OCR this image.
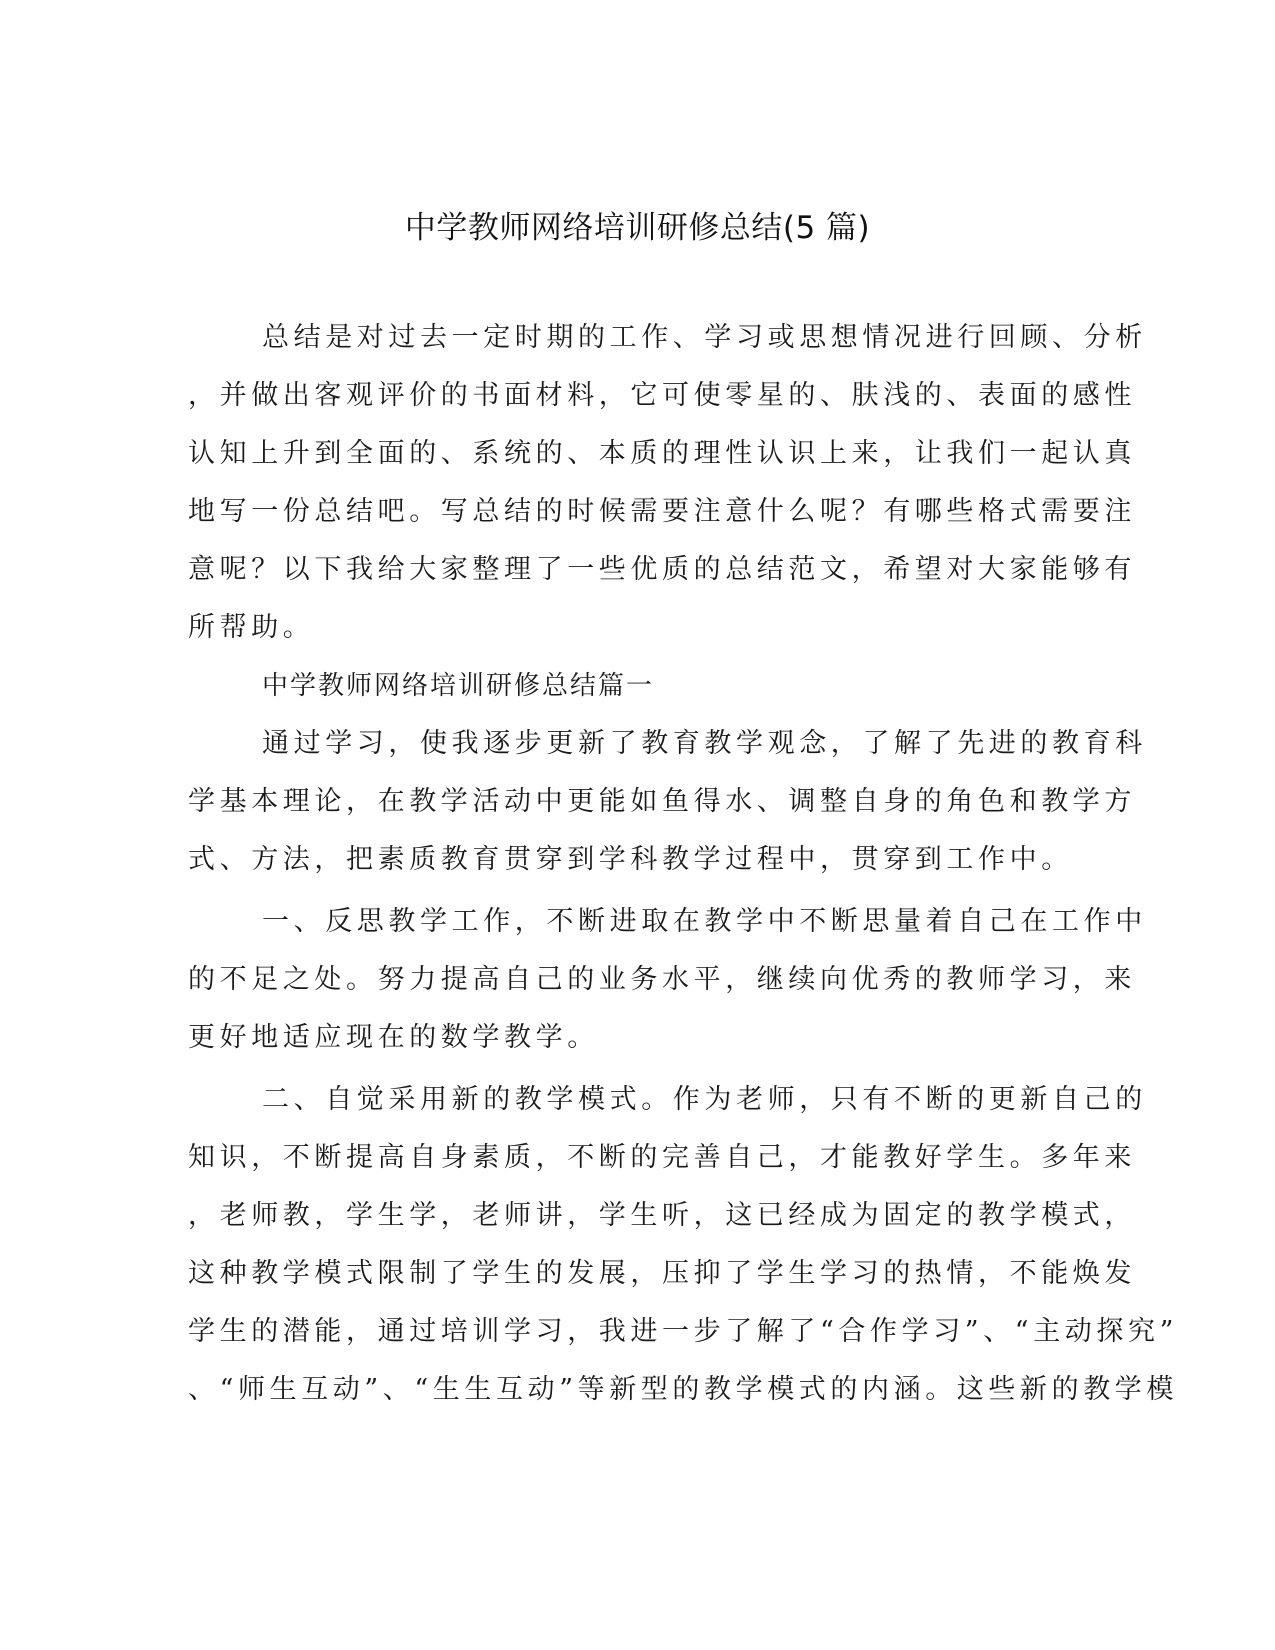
中学教师网络培训研修总结(5 篇)
总结是对过去一定时期的工作、学习或思想情况进行回顾、分析
，并做出客观评价的书面材料，它可使零星的、肤浅的、表面的感性
认知上升到全面的、系统的、本质的理性认识上来，让我们一起认真
地写一份总结吧。写总结的时候需要注意什么呢？有哪些格式需要注
意呢？以下我给大家整理了一些优质的总结范文，希望对大家能够有
所帮助。
中学教师网络培训研修总结篇一
通过学习，使我逐步更新了教育教学观念，了解了先进的教育科
学基本理论，在教学活动中更能如鱼得水、调整自身的角色和教学方
式、方法，把素质教育贯穿到学科教学过程中，贯穿到工作中。
一、反思教学工作，不断进取在教学中不断思量着自己在工作中
的不足之处。努力提高自己的业务水平，继续向优秀的教师学习，来
更好地适应现在的数学教学。
二、自觉采用新的教学模式。作为老师，只有不断的更新自己的
知识，不断提高自身素质，不断的完善自己，才能教好学生。多年来
，老师教，学生学，老师讲，学生听，这已经成为固定的教学模式，
这种教学模式限制了学生的发展，压抑了学生学习的热情，不能焕发
学生的潜能，通过培训学习，我进一步了解了“合作学习”、“主动探究”
、“师生互动”、“生生互动”等新型的教学模式的内涵。这些新的教学模
